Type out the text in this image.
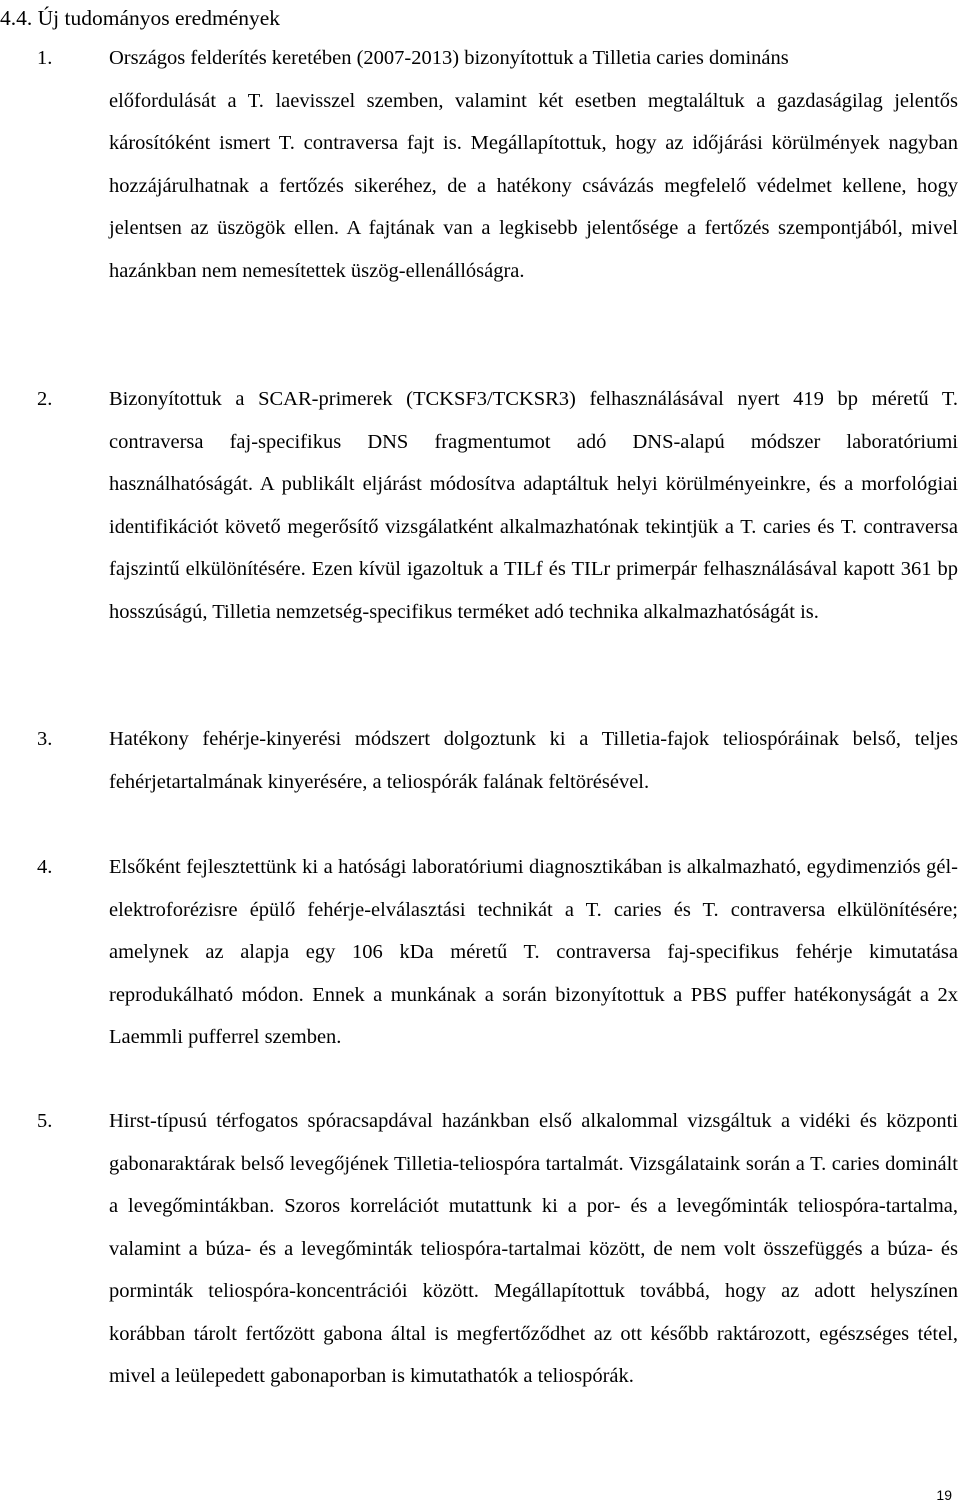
4.4. Új tudományos eredmények
1.	Országos felderítés keretében (2007-2013) bizonyítottuk a Tilletia caries domináns
előfordulását a T. laevisszel szemben, valamint két esetben megtaláltuk a gazdaságilag jelentős károsítóként ismert T. contraversa fajt is. Megállapítottuk, hogy az időjárási körülmények nagyban hozzájárulhatnak a fertőzés sikeréhez, de a hatékony csávázás megfelelő védelmet kellene, hogy jelentsen az üszögök ellen. A fajtának van a legkisebb jelentősége a fertőzés szempontjából, mivel hazánkban nem nemesítettek üszög-ellenállóságra.
2.	Bizonyítottuk a SCAR-primerek (TCKSF3/TCKSR3) felhasználásával nyert 419 bp méretű T. contraversa faj-specifikus DNS fragmentumot adó DNS-alapú módszer laboratóriumi használhatóságát. A publikált eljárást módosítva adaptáltuk helyi körülményeinkre, és a morfológiai identifikációt követő megerősítő vizsgálatként alkalmazhatónak tekintjük a T. caries és T. contraversa fajszintű elkülönítésére. Ezen kívül igazoltuk a TILf és TILr primerpár felhasználásával kapott 361 bp hosszúságú, Tilletia nemzetség-specifikus terméket adó technika alkalmazhatóságát is.
3.	Hatékony fehérje-kinyerési módszert dolgoztunk ki a Tilletia-fajok teliospóráinak belső, teljes fehérjetartalmának kinyerésére, a teliospórák falának feltörésével.
4.	Elsőként fejlesztettünk ki a hatósági laboratóriumi diagnosztikában is alkalmazható, egydimenziós gél-elektroforézisre épülő fehérje-elválasztási technikát a T. caries és T. contraversa elkülönítésére; amelynek az alapja egy 106 kDa méretű T. contraversa faj-specifikus fehérje kimutatása reprodukálható módon. Ennek a munkának a során bizonyítottuk a PBS puffer hatékonyságát a 2x Laemmli pufferrel szemben.
5.	Hirst-típusú térfogatos spóracsapdával hazánkban első alkalommal vizsgáltuk a vidéki és központi gabonaraktárak belső levegőjének Tilletia-teliospóra tartalmát. Vizsgálataink során a T. caries dominált a levegőmintákban. Szoros korrelációt mutattunk ki a por- és a levegőminták teliospóra-tartalma, valamint a búza- és a levegőminták teliospóra-tartalmai között, de nem volt összefüggés a búza- és porminták teliospóra-koncentrációi között. Megállapítottuk továbbá, hogy az adott helyszínen korábban tárolt fertőzött gabona által is megfertőződhet az ott később raktározott, egészséges tétel, mivel a leülepedett gabonaporban is kimutathatók a teliospórák.
19
